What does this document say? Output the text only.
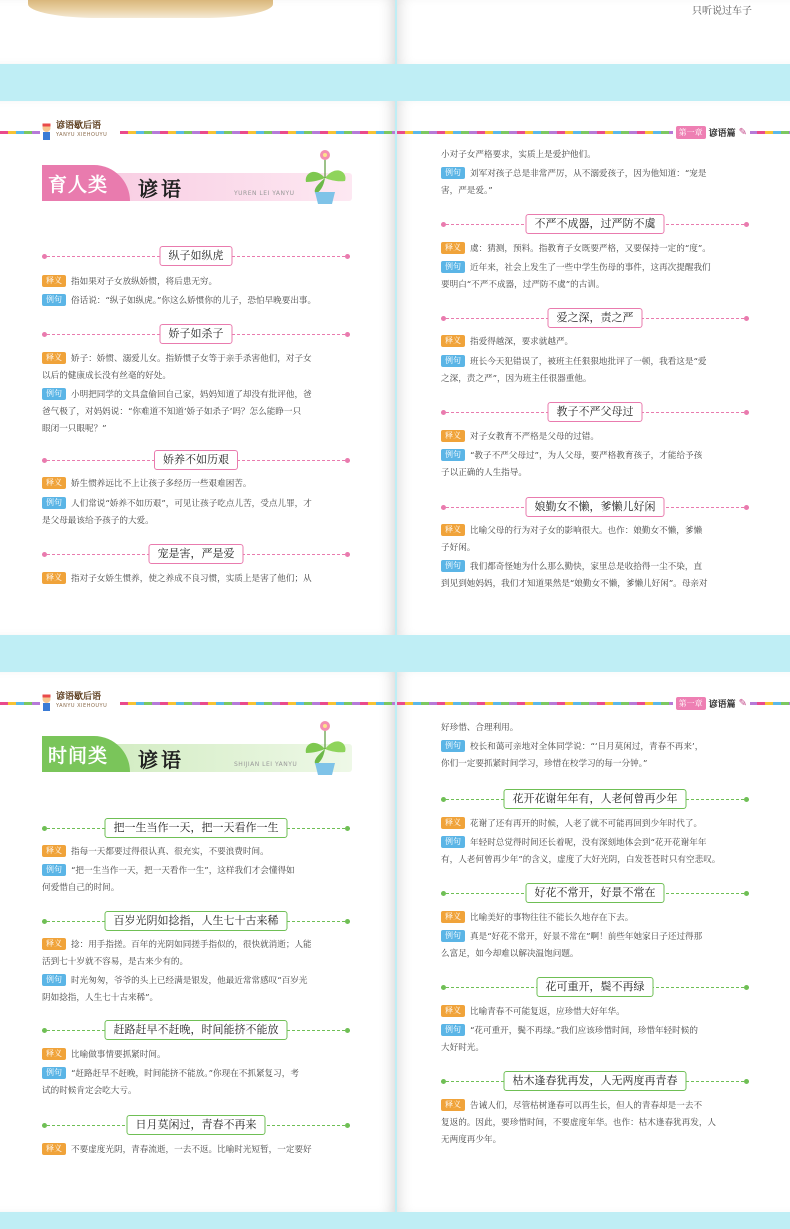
只听说过车子
谚语歇后语
YANYU XIEHOUYU
育人类 谚语	YUREN LEI YANYU
纵子如纵虎
释义 指如果对子女放纵娇惯，将后患无穷。
例句 俗话说：“纵子如纵虎。”你这么娇惯你的儿子，恐怕早晚要出事。
娇子如杀子
释义 娇子：娇惯、溺爱儿女。指娇惯子女等于亲手杀害他们，对子女
以后的健康成长没有丝毫的好处。
例句 小明把同学的文具盒偷回自己家，妈妈知道了却没有批评他，爸
爸气极了，对妈妈说：“你难道不知道‘娇子如杀子’吗？怎么能睁一只
眼闭一只眼呢？”
娇养不如历艰
释义 娇生惯养远比不上让孩子多经历一些艰难困苦。
例句 人们常说“娇养不如历艰”，可见让孩子吃点儿苦，受点儿罪，才
是父母最该给予孩子的大爱。
宠是害，严是爱
释义 指对子女娇生惯养，使之养成不良习惯，实质上是害了他们；从
第一章 谚语篇 ✎
小对子女严格要求，实质上是爱护他们。
例句 刘军对孩子总是非常严厉，从不溺爱孩子，因为他知道：“宠是
害，严是爱。”
不严不成器，过严防不虞
释义 虞：猜测，预料。指教育子女既要严格，又要保持一定的“度”。
例句 近年来，社会上发生了一些中学生伤母的事件，这再次提醒我们
要明白“不严不成器，过严防不虞”的古训。
爱之深，责之严
释义 指爱得越深，要求就越严。
例句 班长今天犯错误了，被班主任狠狠地批评了一顿，我看这是“爱
之深，责之严”，因为班主任很器重他。
教子不严父母过
释义 对子女教育不严格是父母的过错。
例句 “教子不严父母过”，为人父母，要严格教育孩子，才能给予孩
子以正确的人生指导。
娘勤女不懒，爹懒儿好闲
释义 比喻父母的行为对子女的影响很大。也作：娘勤女不懒，爹懒
子好闲。
例句 我们都奇怪她为什么那么勤快，家里总是收拾得一尘不染，直
到见到她妈妈，我们才知道果然是“娘勤女不懒，爹懒儿好闲”。母亲对
谚语歇后语
YANYU XIEHOUYU
时间类 谚语	SHIJIAN LEI YANYU
把一生当作一天，把一天看作一生
释义 指每一天都要过得很认真、很充实，不要浪费时间。
例句 “把一生当作一天，把一天看作一生”，这样我们才会懂得如
何爱惜自己的时间。
百岁光阴如捻指，人生七十古来稀
释义 捻：用手指搓。百年的光阴如同搓手指似的，很快就消逝；人能
活到七十岁就不容易，是古来少有的。
例句 时光匆匆，爷爷的头上已经满是银发，他最近常常感叹“百岁光
阴如捻指，人生七十古来稀”。
赶路赶早不赶晚，时间能挤不能放
释义 比喻做事情要抓紧时间。
例句 “赶路赶早不赶晚，时间能挤不能放。”你现在不抓紧复习，考
试的时候肯定会吃大亏。
日月莫闲过，青春不再来
释义 不要虚度光阴，青春流逝，一去不返。比喻时光短暂，一定要好
第一章 谚语篇 ✎
好珍惜、合理利用。
例句 校长和蔼可亲地对全体同学说：“‘日月莫闲过，青春不再来’，
你们一定要抓紧时间学习，珍惜在校学习的每一分钟。”
花开花谢年年有，人老何曾再少年
释义 花谢了还有再开的时候，人老了就不可能再回到少年时代了。
例句 年轻时总觉得时间还长着呢，没有深刻地体会到“花开花谢年年
有，人老何曾再少年”的含义，虚度了大好光阴，白发苍苍时只有空悲叹。
好花不常开，好景不常在
释义 比喻美好的事物往往不能长久地存在下去。
例句 真是“好花不常开，好景不常在”啊！前些年她家日子还过得那
么富足，如今却难以解决温饱问题。
花可重开，鬓不再绿
释义 比喻青春不可能复返，应珍惜大好年华。
例句 “花可重开，鬓不再绿。”我们应该珍惜时间，珍惜年轻时候的
大好时光。
枯木逢春犹再发，人无两度再青春
释义 告诫人们，尽管枯树逢春可以再生长，但人的青春却是一去不
复返的。因此，要珍惜时间，不要虚度年华。也作：枯木逢春犹再发，人
无两度再少年。
